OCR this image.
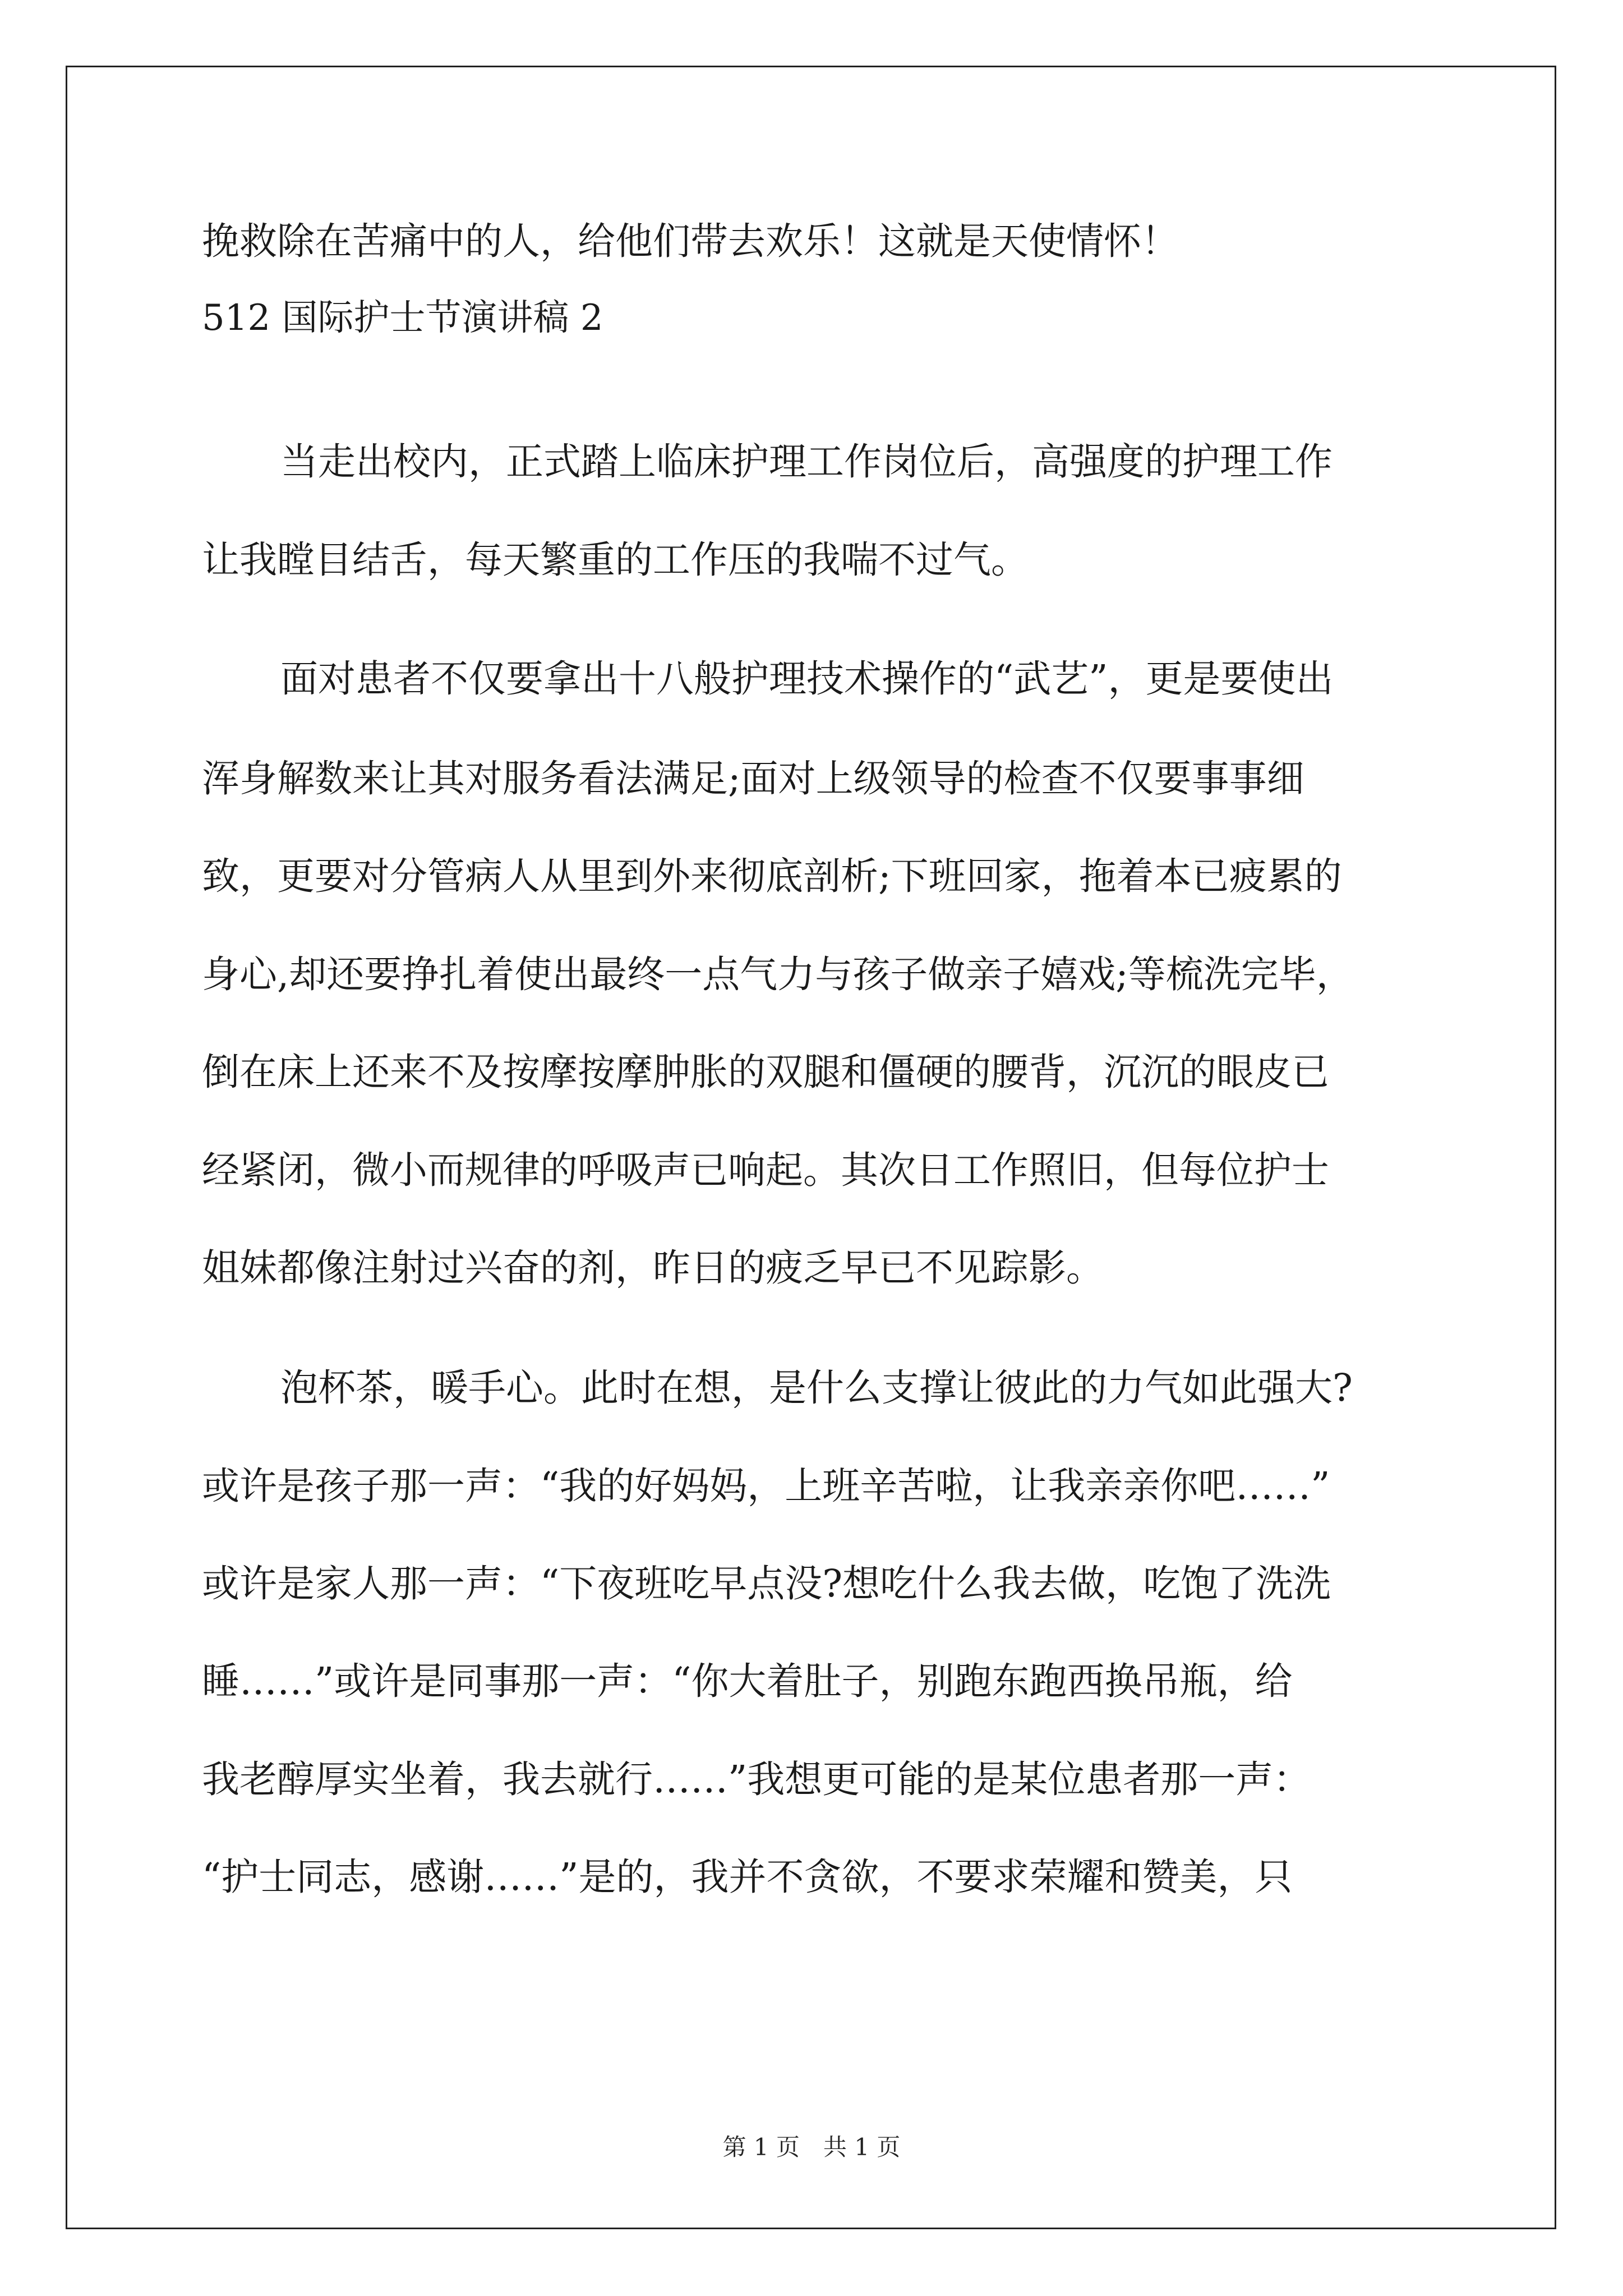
挽救除在苦痛中的人，给他们带去欢乐！这就是天使情怀！
512 国际护士节演讲稿 2
当走出校内，正式踏上临床护理工作岗位后，高强度的护理工作
让我瞠目结舌，每天繁重的工作压的我喘不过气。
面对患者不仅要拿出十八般护理技术操作的“武艺”，更是要使出
浑身解数来让其对服务看法满足;面对上级领导的检查不仅要事事细
致，更要对分管病人从里到外来彻底剖析;下班回家，拖着本已疲累的
身心,却还要挣扎着使出最终一点气力与孩子做亲子嬉戏;等梳洗完毕，
倒在床上还来不及按摩按摩肿胀的双腿和僵硬的腰背，沉沉的眼皮已
经紧闭，微小而规律的呼吸声已响起。其次日工作照旧，但每位护士
姐妹都像注射过兴奋的剂，昨日的疲乏早已不见踪影。
泡杯茶，暖手心。此时在想，是什么支撑让彼此的力气如此强大?
或许是孩子那一声：“我的好妈妈，上班辛苦啦，让我亲亲你吧……”
或许是家人那一声：“下夜班吃早点没?想吃什么我去做，吃饱了洗洗
睡……”或许是同事那一声：“你大着肚子，别跑东跑西换吊瓶，给
我老醇厚实坐着，我去就行……”我想更可能的是某位患者那一声：
“护士同志，感谢……”是的，我并不贪欲，不要求荣耀和赞美，只
第 1 页　共 1 页
